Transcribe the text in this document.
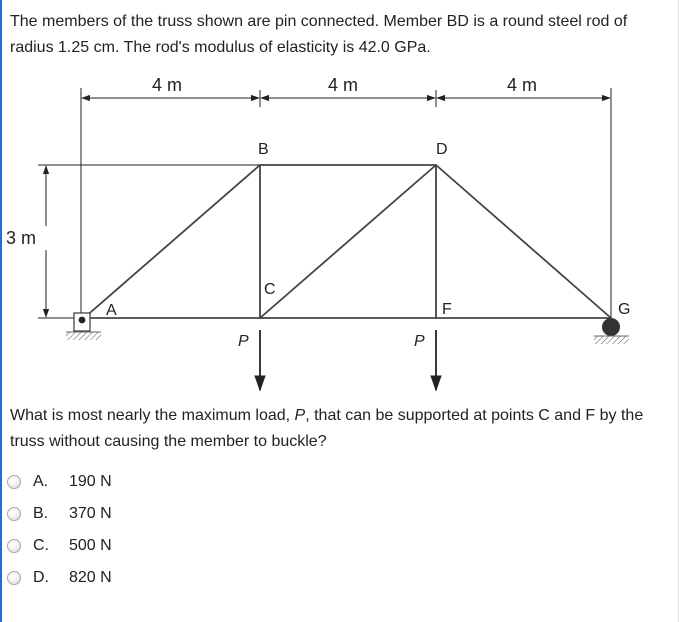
The members of the truss shown are pin connected. Member BD is a round steel rod of radius 1.25 cm. The rod's modulus of elasticity is 42.0 GPa.

4 m	4 m	4 m
3 m
A
B
C
D
F	G
P	P

What is most nearly the maximum load, P, that can be supported at points C and F by the truss without causing the member to buckle?

A.	190 N
B.	370 N
C.	500 N
D.	820 N
